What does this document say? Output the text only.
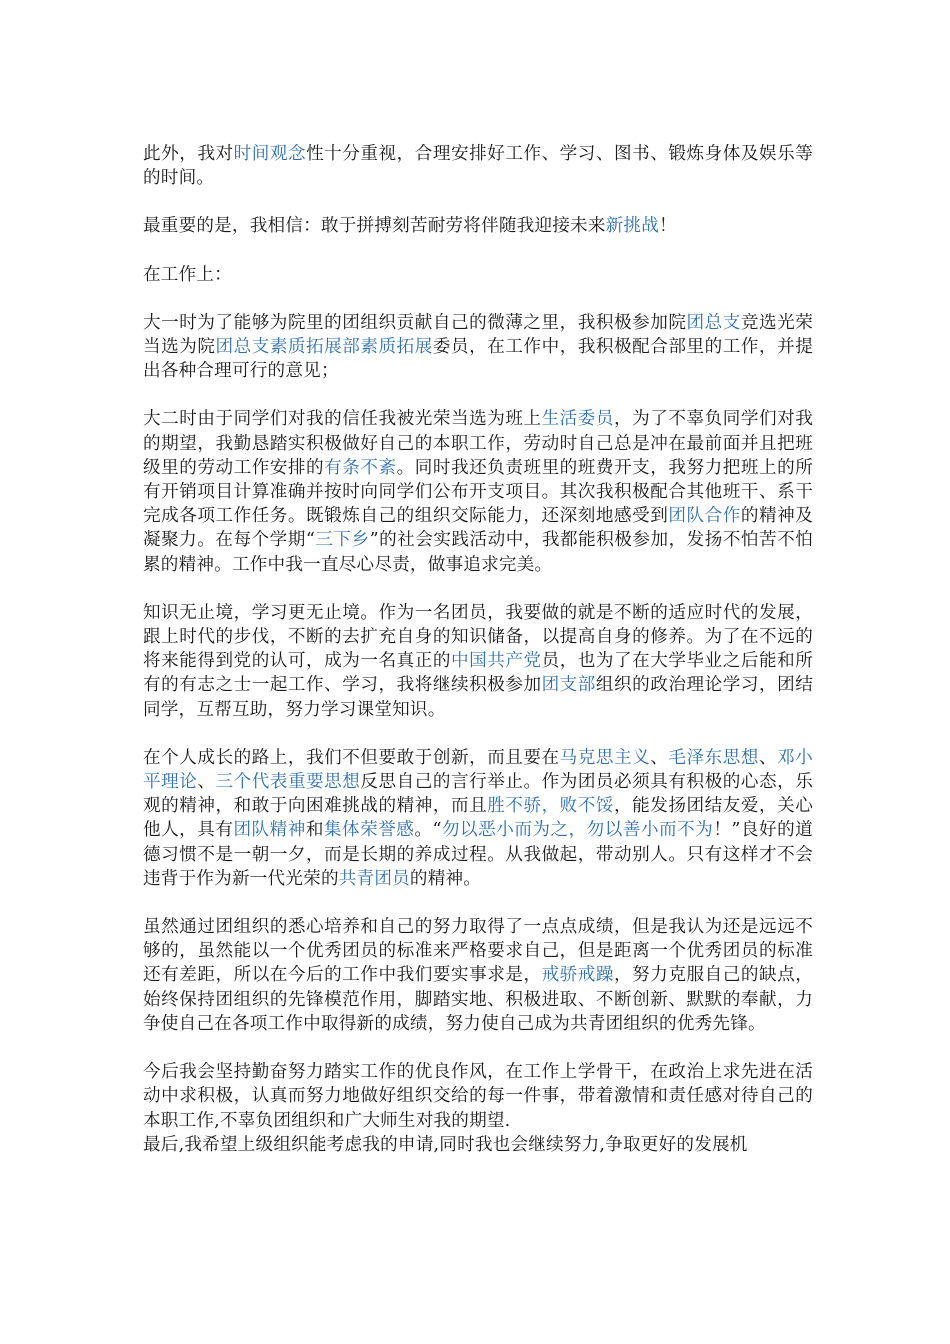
此外，我对时间观念性十分重视，合理安排好工作、学习、图书、锻炼身体及娱乐等的时间。

最重要的是，我相信：敢于拼搏刻苦耐劳将伴随我迎接未来新挑战！

在工作上：

大一时为了能够为院里的团组织贡献自己的微薄之里，我积极参加院团总支竞选光荣当选为院团总支素质拓展部素质拓展委员，在工作中，我积极配合部里的工作，并提出各种合理可行的意见；

大二时由于同学们对我的信任我被光荣当选为班上生活委员，为了不辜负同学们对我的期望，我勤恳踏实积极做好自己的本职工作，劳动时自己总是冲在最前面并且把班级里的劳动工作安排的有条不紊。同时我还负责班里的班费开支，我努力把班上的所有开销项目计算准确并按时向同学们公布开支项目。其次我积极配合其他班干、系干完成各项工作任务。既锻炼自己的组织交际能力，还深刻地感受到团队合作的精神及凝聚力。在每个学期“三下乡”的社会实践活动中，我都能积极参加，发扬不怕苦不怕累的精神。工作中我一直尽心尽责，做事追求完美。

知识无止境，学习更无止境。作为一名团员，我要做的就是不断的适应时代的发展，跟上时代的步伐，不断的去扩充自身的知识储备，以提高自身的修养。为了在不远的将来能得到党的认可，成为一名真正的中国共产党员，也为了在大学毕业之后能和所有的有志之士一起工作、学习，我将继续积极参加团支部组织的政治理论学习，团结同学，互帮互助，努力学习课堂知识。

在个人成长的路上，我们不但要敢于创新，而且要在马克思主义、毛泽东思想、邓小平理论、三个代表重要思想反思自己的言行举止。作为团员必须具有积极的心态，乐观的精神，和敢于向困难挑战的精神，而且胜不骄，败不馁，能发扬团结友爱，关心他人，具有团队精神和集体荣誉感。“勿以恶小而为之，勿以善小而不为！”良好的道德习惯不是一朝一夕，而是长期的养成过程。从我做起，带动别人。只有这样才不会违背于作为新一代光荣的共青团员的精神。

虽然通过团组织的悉心培养和自己的努力取得了一点点成绩，但是我认为还是远远不够的，虽然能以一个优秀团员的标准来严格要求自己，但是距离一个优秀团员的标准还有差距，所以在今后的工作中我们要实事求是，戒骄戒躁，努力克服自己的缺点，始终保持团组织的先锋模范作用，脚踏实地、积极进取、不断创新、默默的奉献，力争使自己在各项工作中取得新的成绩，努力使自己成为共青团组织的优秀先锋。

今后我会坚持勤奋努力踏实工作的优良作风，在工作上学骨干，在政治上求先进在活动中求积极，认真而努力地做好组织交给的每一件事，带着激情和责任感对待自己的本职工作,不辜负团组织和广大师生对我的期望.

最后,我希望上级组织能考虑我的申请,同时我也会继续努力,争取更好的发展机
